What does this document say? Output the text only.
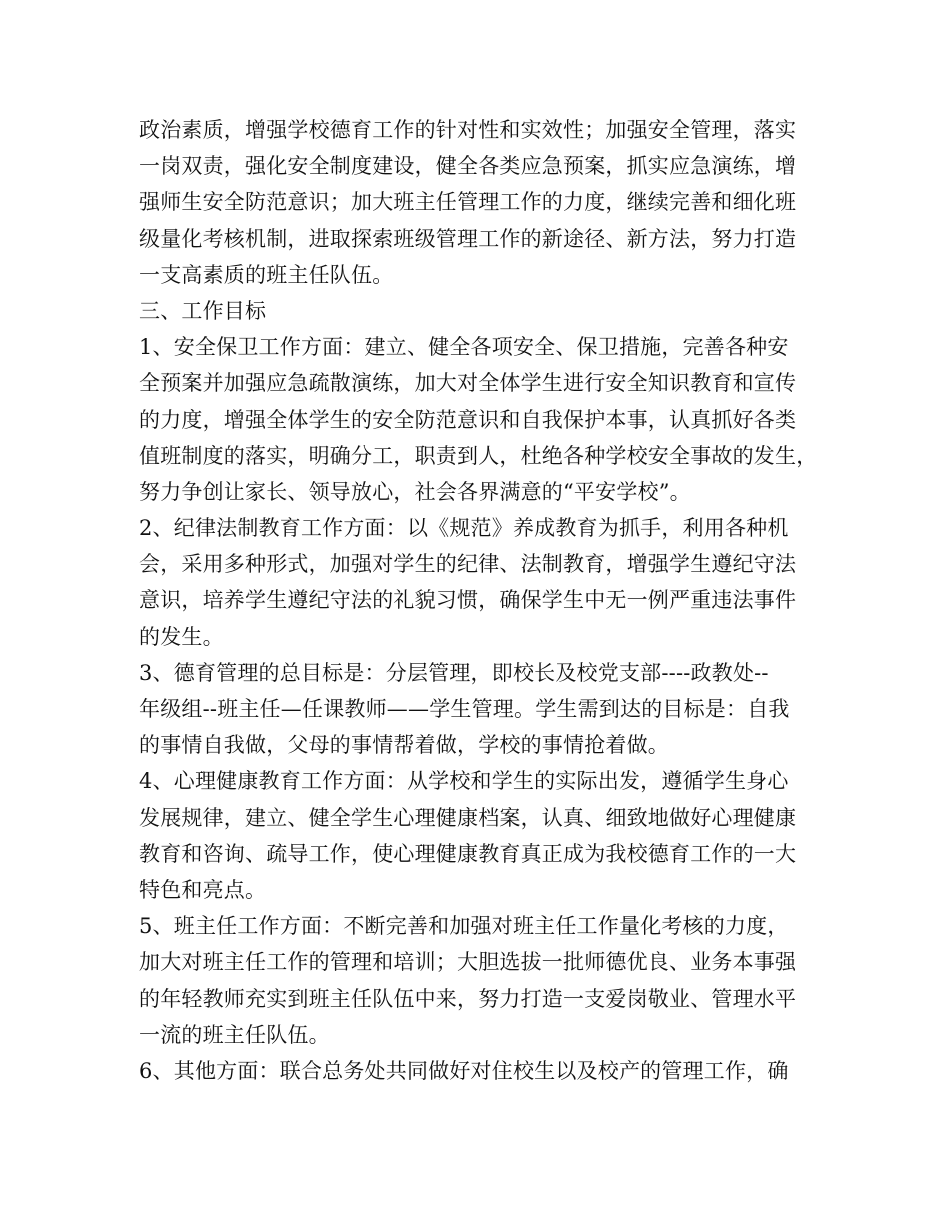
政治素质，增强学校德育工作的针对性和实效性；加强安全管理，落实
一岗双责，强化安全制度建设，健全各类应急预案，抓实应急演练，增
强师生安全防范意识；加大班主任管理工作的力度，继续完善和细化班
级量化考核机制，进取探索班级管理工作的新途径、新方法，努力打造
一支高素质的班主任队伍。
三、工作目标
1、安全保卫工作方面：建立、健全各项安全、保卫措施，完善各种安
全预案并加强应急疏散演练，加大对全体学生进行安全知识教育和宣传
的力度，增强全体学生的安全防范意识和自我保护本事，认真抓好各类
值班制度的落实，明确分工，职责到人，杜绝各种学校安全事故的发生，
努力争创让家长、领导放心，社会各界满意的“平安学校”。
2、纪律法制教育工作方面：以《规范》养成教育为抓手，利用各种机
会，采用多种形式，加强对学生的纪律、法制教育，增强学生遵纪守法
意识，培养学生遵纪守法的礼貌习惯，确保学生中无一例严重违法事件
的发生。
3、德育管理的总目标是：分层管理，即校长及校党支部----政教处--
年级组--班主任—任课教师——学生管理。学生需到达的目标是：自我
的事情自我做，父母的事情帮着做，学校的事情抢着做。
4、心理健康教育工作方面：从学校和学生的实际出发，遵循学生身心
发展规律，建立、健全学生心理健康档案，认真、细致地做好心理健康
教育和咨询、疏导工作，使心理健康教育真正成为我校德育工作的一大
特色和亮点。
5、班主任工作方面：不断完善和加强对班主任工作量化考核的力度，
加大对班主任工作的管理和培训；大胆选拔一批师德优良、业务本事强
的年轻教师充实到班主任队伍中来，努力打造一支爱岗敬业、管理水平
一流的班主任队伍。
6、其他方面：联合总务处共同做好对住校生以及校产的管理工作，确
